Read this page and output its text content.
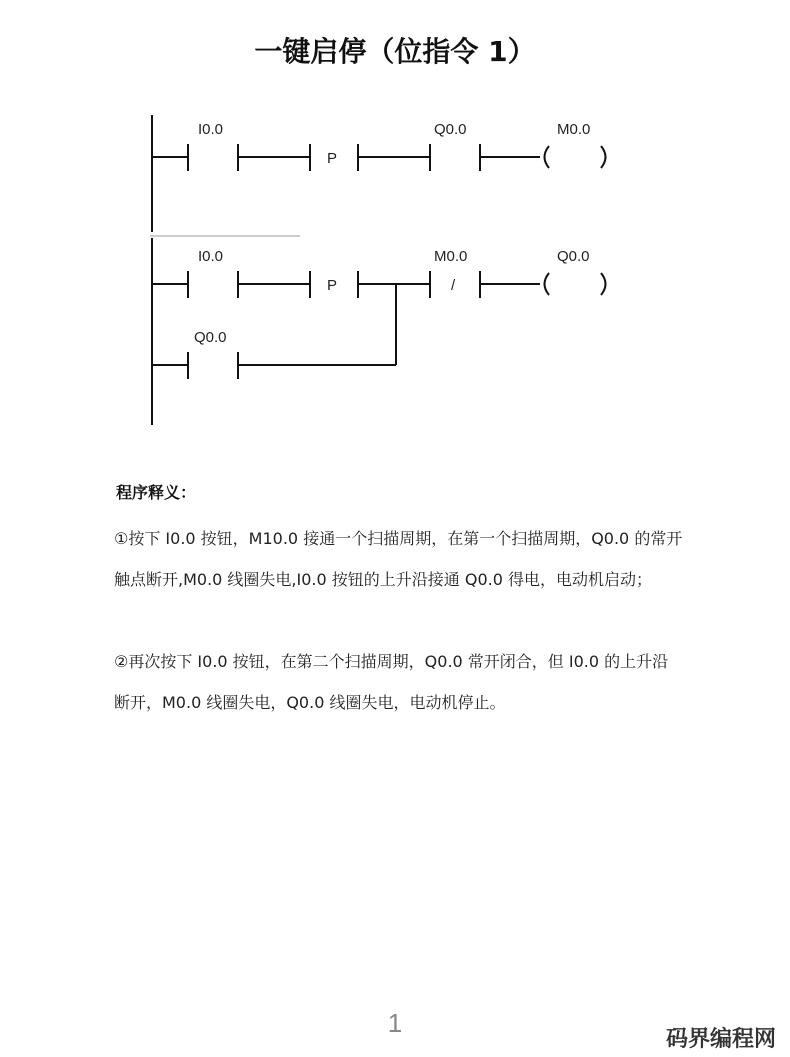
一键启停（位指令 1）
I0.0
P
Q0.0	M0.0
I0.0
P
M0.0
/
Q0.0
Q0.0
程序释义：
①按下 I0.0 按钮，M10.0 接通一个扫描周期，在第一个扫描周期，Q0.0 的常开触点断开,M0.0 线圈失电,I0.0 按钮的上升沿接通 Q0.0 得电，电动机启动；
②再次按下 I0.0 按钮，在第二个扫描周期，Q0.0 常开闭合，但 I0.0 的上升沿断开，M0.0 线圈失电，Q0.0 线圈失电，电动机停止。
1
码界编程网
